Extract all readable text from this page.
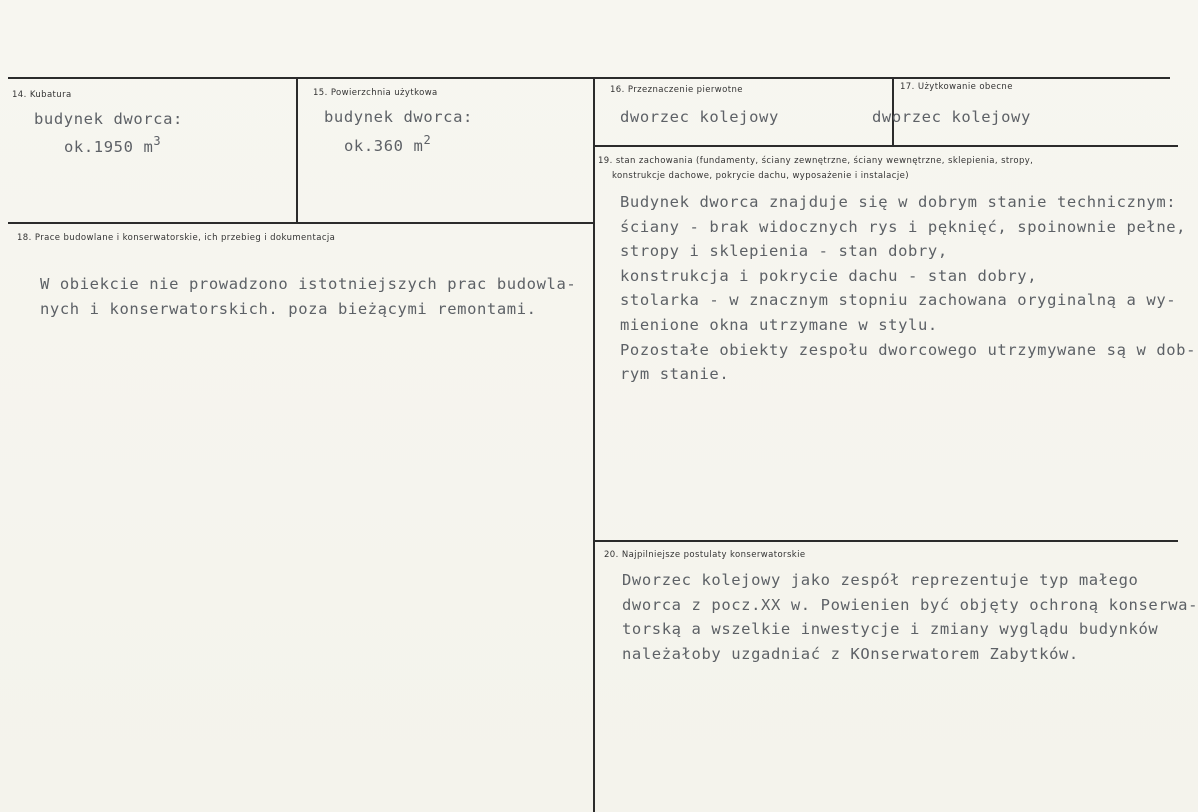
14. Kubatura
budynek dworca:
ok.1950 $m^3$
15. Powierzchnia użytkowa
budynek dworca:
ok.360 $m^2$
16. Przeznaczenie pierwotne
dworzec kolejowy
17. Użytkowanie obecne
dworzec kolejowy
18. Prace budowlane i konserwatorskie, ich przebieg i dokumentacja
W obiekcie nie prowadzono istotniejszych prac budowla-
nych i konserwatorskich. poza bieżącymi remontami.
19. stan zachowania (fundamenty, ściany zewnętrzne, ściany wewnętrzne, sklepienia, stropy,
konstrukcje dachowe, pokrycie dachu, wyposażenie i instalacje)
Budynek dworca znajduje się w dobrym stanie technicznym:
ściany - brak widocznych rys i pęknięć, spoinownie pełne,
stropy i sklepienia - stan dobry,
konstrukcja i pokrycie dachu - stan dobry,
stolarka - w znacznym stopniu zachowana oryginalną a wy-
mienione okna utrzymane w stylu.
Pozostałe obiekty zespołu dworcowego utrzymywane są w dob-
rym stanie.
20. Najpilniejsze postulaty konserwatorskie
Dworzec kolejowy jako zespół reprezentuje typ małego
dworca z pocz.XX w. Powienien być objęty ochroną konserwa-
torską a wszelkie inwestycje i zmiany wyglądu budynków
należałoby uzgadniać z KOnserwatorem Zabytków.
